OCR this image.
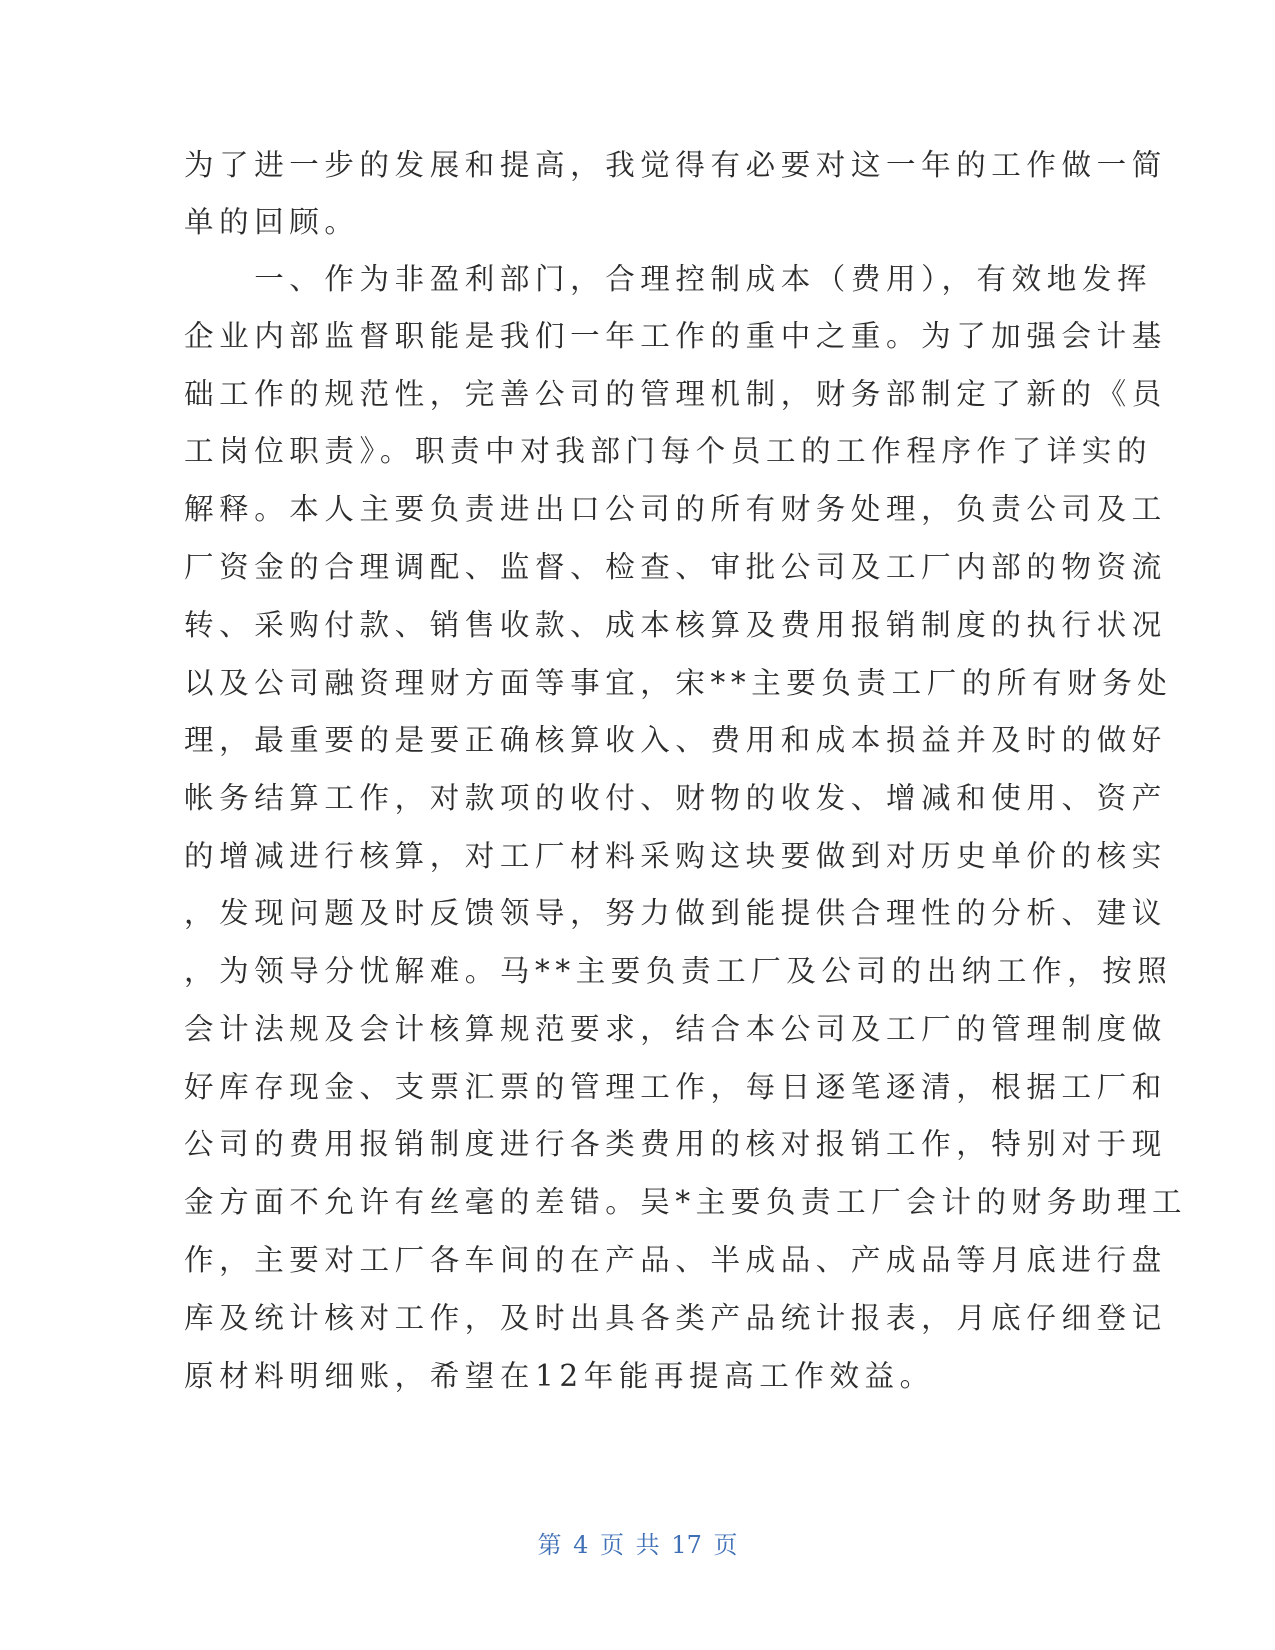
为了进一步的发展和提高，我觉得有必要对这一年的工作做一简
单的回顾。
　　一、作为非盈利部门，合理控制成本（费用），有效地发挥
企业内部监督职能是我们一年工作的重中之重。为了加强会计基
础工作的规范性，完善公司的管理机制，财务部制定了新的《员
工岗位职责》。职责中对我部门每个员工的工作程序作了详实的
解释。本人主要负责进出口公司的所有财务处理，负责公司及工
厂资金的合理调配、监督、检查、审批公司及工厂内部的物资流
转、采购付款、销售收款、成本核算及费用报销制度的执行状况
以及公司融资理财方面等事宜，宋**主要负责工厂的所有财务处
理，最重要的是要正确核算收入、费用和成本损益并及时的做好
帐务结算工作，对款项的收付、财物的收发、增减和使用、资产
的增减进行核算，对工厂材料采购这块要做到对历史单价的核实
，发现问题及时反馈领导，努力做到能提供合理性的分析、建议
，为领导分忧解难。马**主要负责工厂及公司的出纳工作，按照
会计法规及会计核算规范要求，结合本公司及工厂的管理制度做
好库存现金、支票汇票的管理工作，每日逐笔逐清，根据工厂和
公司的费用报销制度进行各类费用的核对报销工作，特别对于现
金方面不允许有丝毫的差错。吴*主要负责工厂会计的财务助理工
作，主要对工厂各车间的在产品、半成品、产成品等月底进行盘
库及统计核对工作，及时出具各类产品统计报表，月底仔细登记
原材料明细账，希望在12年能再提高工作效益。
第 4 页 共 17 页
